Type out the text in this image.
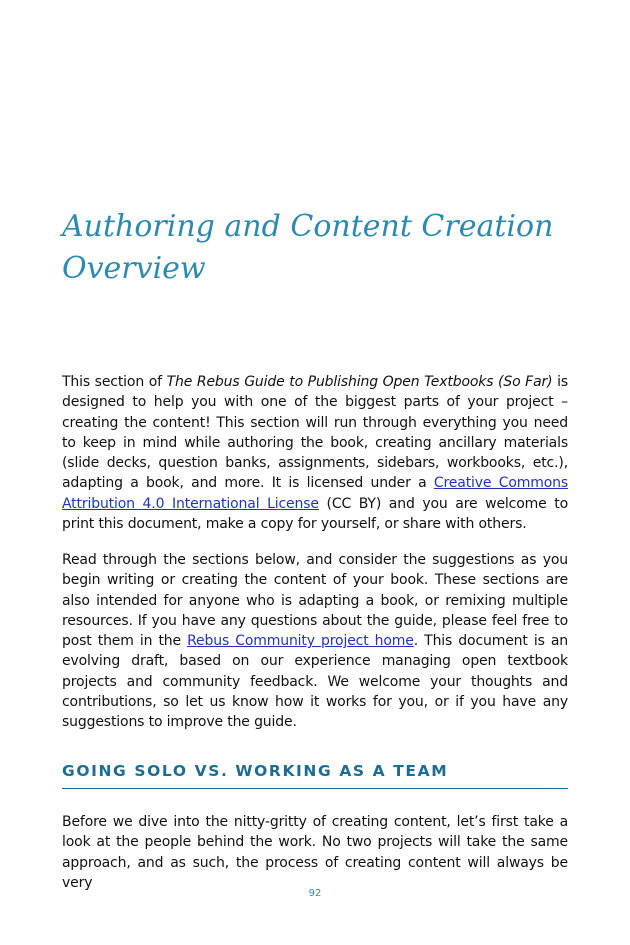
Authoring and Content Creation
Overview

This section of The Rebus Guide to Publishing Open Textbooks (So Far) is designed to help you with one of the biggest parts of your project – creating the content! This section will run through everything you need to keep in mind while authoring the book, creating ancillary materials (slide decks, question banks, assignments, sidebars, workbooks, etc.), adapting a book, and more. It is licensed under a Creative Commons Attribution 4.0 International License (CC BY) and you are welcome to print this document, make a copy for yourself, or share with others.

Read through the sections below, and consider the suggestions as you begin writing or creating the content of your book. These sections are also intended for anyone who is adapting a book, or remixing multiple resources. If you have any questions about the guide, please feel free to post them in the Rebus Community project home. This document is an evolving draft, based on our experience managing open textbook projects and community feedback. We welcome your thoughts and contributions, so let us know how it works for you, or if you have any suggestions to improve the guide.

GOING SOLO VS. WORKING AS A TEAM

Before we dive into the nitty-gritty of creating content, let’s first take a look at the people behind the work. No two projects will take the same approach, and as such, the process of creating content will always be very

92
